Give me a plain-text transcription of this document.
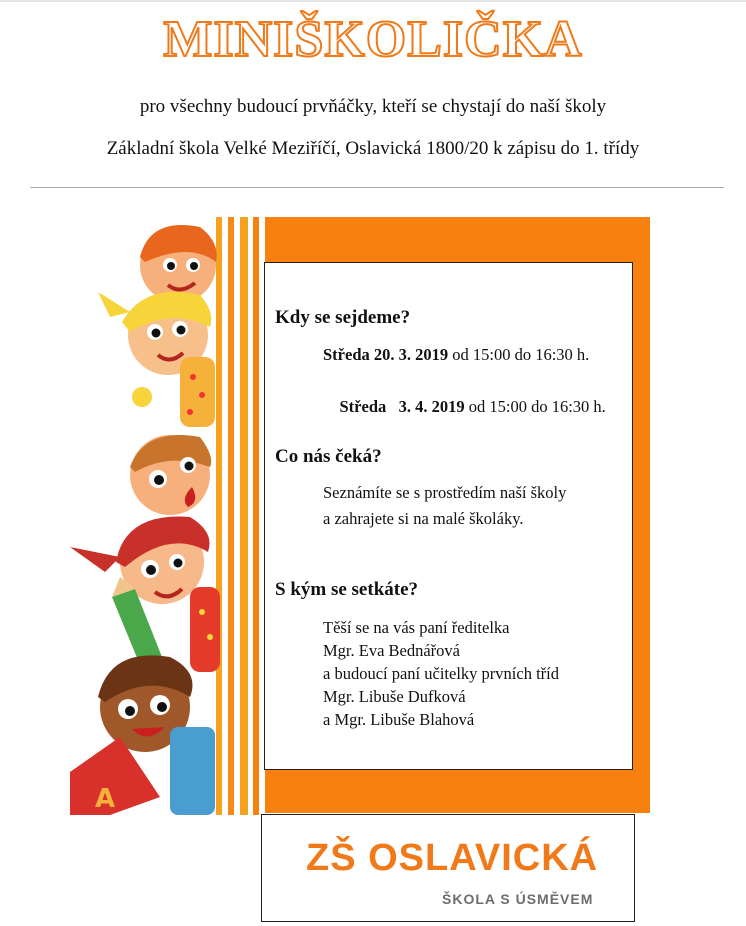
MINIŠKOLIČKA
pro všechny budoucí prvňáčky, kteří se chystají do naší školy
Základní škola Velké Meziříčí, Oslavická 1800/20 k zápisu do 1. třídy
A
Kdy se sejdeme?
Středa 20. 3. 2019 od 15:00 do 16:30 h.

Středa   3. 4. 2019 od 15:00 do 16:30 h.

Co nás čeká?
Seznámíte se s prostředím naší školy
a zahrajete si na malé školáky.
S kým se setkáte?
Těší se na vás paní ředitelka
Mgr. Eva Bednářová
a budoucí paní učitelky prvních tříd
Mgr. Libuše Dufková
a Mgr. Libuše Blahová
ZŠ OSLAVICKÁ
ŠKOLA S ÚSMĚVEM
